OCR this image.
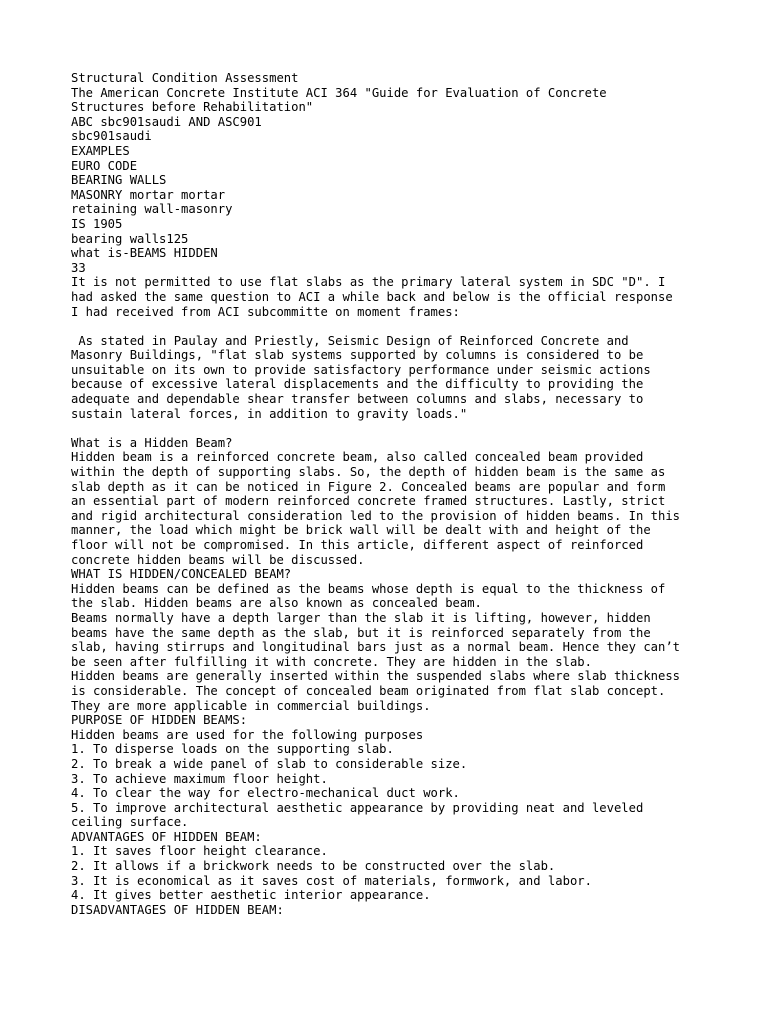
Structural Condition Assessment
The American Concrete Institute ACI 364 "Guide for Evaluation of Concrete
Structures before Rehabilitation"
ABC sbc901saudi AND ASC901
sbc901saudi
EXAMPLES
EURO CODE
BEARING WALLS
MASONRY mortar mortar
retaining wall-masonry
IS 1905
bearing walls125
what is-BEAMS HIDDEN
33
It is not permitted to use flat slabs as the primary lateral system in SDC "D". I
had asked the same question to ACI a while back and below is the official response
I had received from ACI subcommitte on moment frames:
As stated in Paulay and Priestly, Seismic Design of Reinforced Concrete and
Masonry Buildings, "flat slab systems supported by columns is considered to be
unsuitable on its own to provide satisfactory performance under seismic actions
because of excessive lateral displacements and the difficulty to providing the
adequate and dependable shear transfer between columns and slabs, necessary to
sustain lateral forces, in addition to gravity loads."
What is a Hidden Beam?
Hidden beam is a reinforced concrete beam, also called concealed beam provided
within the depth of supporting slabs. So, the depth of hidden beam is the same as
slab depth as it can be noticed in Figure 2. Concealed beams are popular and form
an essential part of modern reinforced concrete framed structures. Lastly, strict
and rigid architectural consideration led to the provision of hidden beams. In this
manner, the load which might be brick wall will be dealt with and height of the
floor will not be compromised. In this article, different aspect of reinforced
concrete hidden beams will be discussed.
WHAT IS HIDDEN/CONCEALED BEAM?
Hidden beams can be defined as the beams whose depth is equal to the thickness of
the slab. Hidden beams are also known as concealed beam.
Beams normally have a depth larger than the slab it is lifting, however, hidden
beams have the same depth as the slab, but it is reinforced separately from the
slab, having stirrups and longitudinal bars just as a normal beam. Hence they can’t
be seen after fulfilling it with concrete. They are hidden in the slab.
Hidden beams are generally inserted within the suspended slabs where slab thickness
is considerable. The concept of concealed beam originated from flat slab concept.
They are more applicable in commercial buildings.
PURPOSE OF HIDDEN BEAMS:
Hidden beams are used for the following purposes
1. To disperse loads on the supporting slab.
2. To break a wide panel of slab to considerable size.
3. To achieve maximum floor height.
4. To clear the way for electro-mechanical duct work.
5. To improve architectural aesthetic appearance by providing neat and leveled
ceiling surface.
ADVANTAGES OF HIDDEN BEAM:
1. It saves floor height clearance.
2. It allows if a brickwork needs to be constructed over the slab.
3. It is economical as it saves cost of materials, formwork, and labor.
4. It gives better aesthetic interior appearance.
DISADVANTAGES OF HIDDEN BEAM:
